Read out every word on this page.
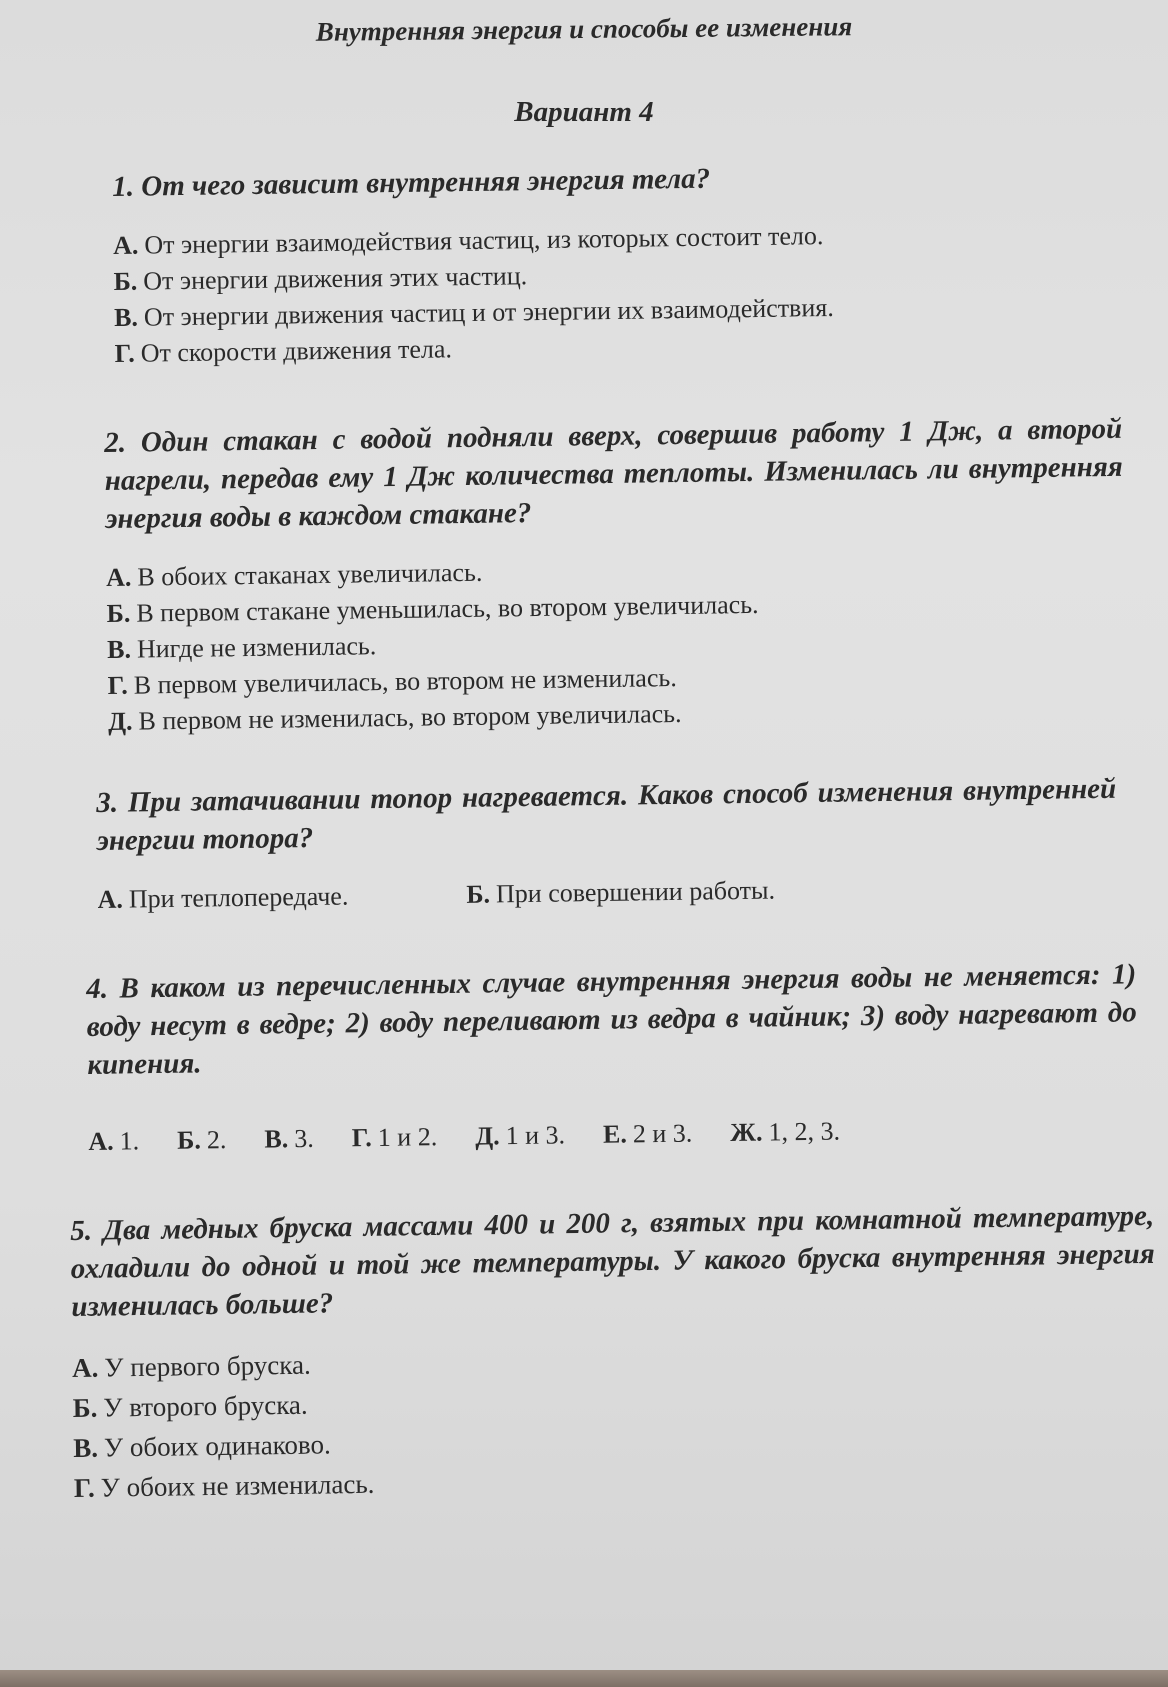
Внутренняя энергия и способы ее изменения
Вариант 4
1. От чего зависит внутренняя энергия тела?
А. От энергии взаимодействия частиц, из которых состоит тело.
Б. От энергии движения этих частиц.
В. От энергии движения частиц и от энергии их взаимодействия.
Г. От скорости движения тела.
2. Один стакан с водой подняли вверх, совершив работу 1 Дж, а второй нагрели, передав ему 1 Дж количества теплоты. Изменилась ли внутренняя энергия воды в каждом стакане?
А. В обоих стаканах увеличилась.
Б. В первом стакане уменьшилась, во втором увеличилась.
В. Нигде не изменилась.
Г. В первом увеличилась, во втором не изменилась.
Д. В первом не изменилась, во втором увеличилась.
3. При затачивании топор нагревается. Каков способ изменения внутренней энергии топора?
А. При теплопередаче.	Б. При совершении работы.
4. В каком из перечисленных случае внутренняя энергия воды не меняется: 1) воду несут в ведре; 2) воду переливают из ведра в чайник; 3) воду нагревают до кипения.
А. 1. Б. 2. В. 3. Г. 1 и 2. Д. 1 и 3. Е. 2 и 3. Ж. 1, 2, 3.
5. Два медных бруска массами 400 и 200 г, взятых при комнатной температуре, охладили до одной и той же температуры. У какого бруска внутренняя энергия изменилась больше?
А. У первого бруска.
Б. У второго бруска.
В. У обоих одинаково.
Г. У обоих не изменилась.
